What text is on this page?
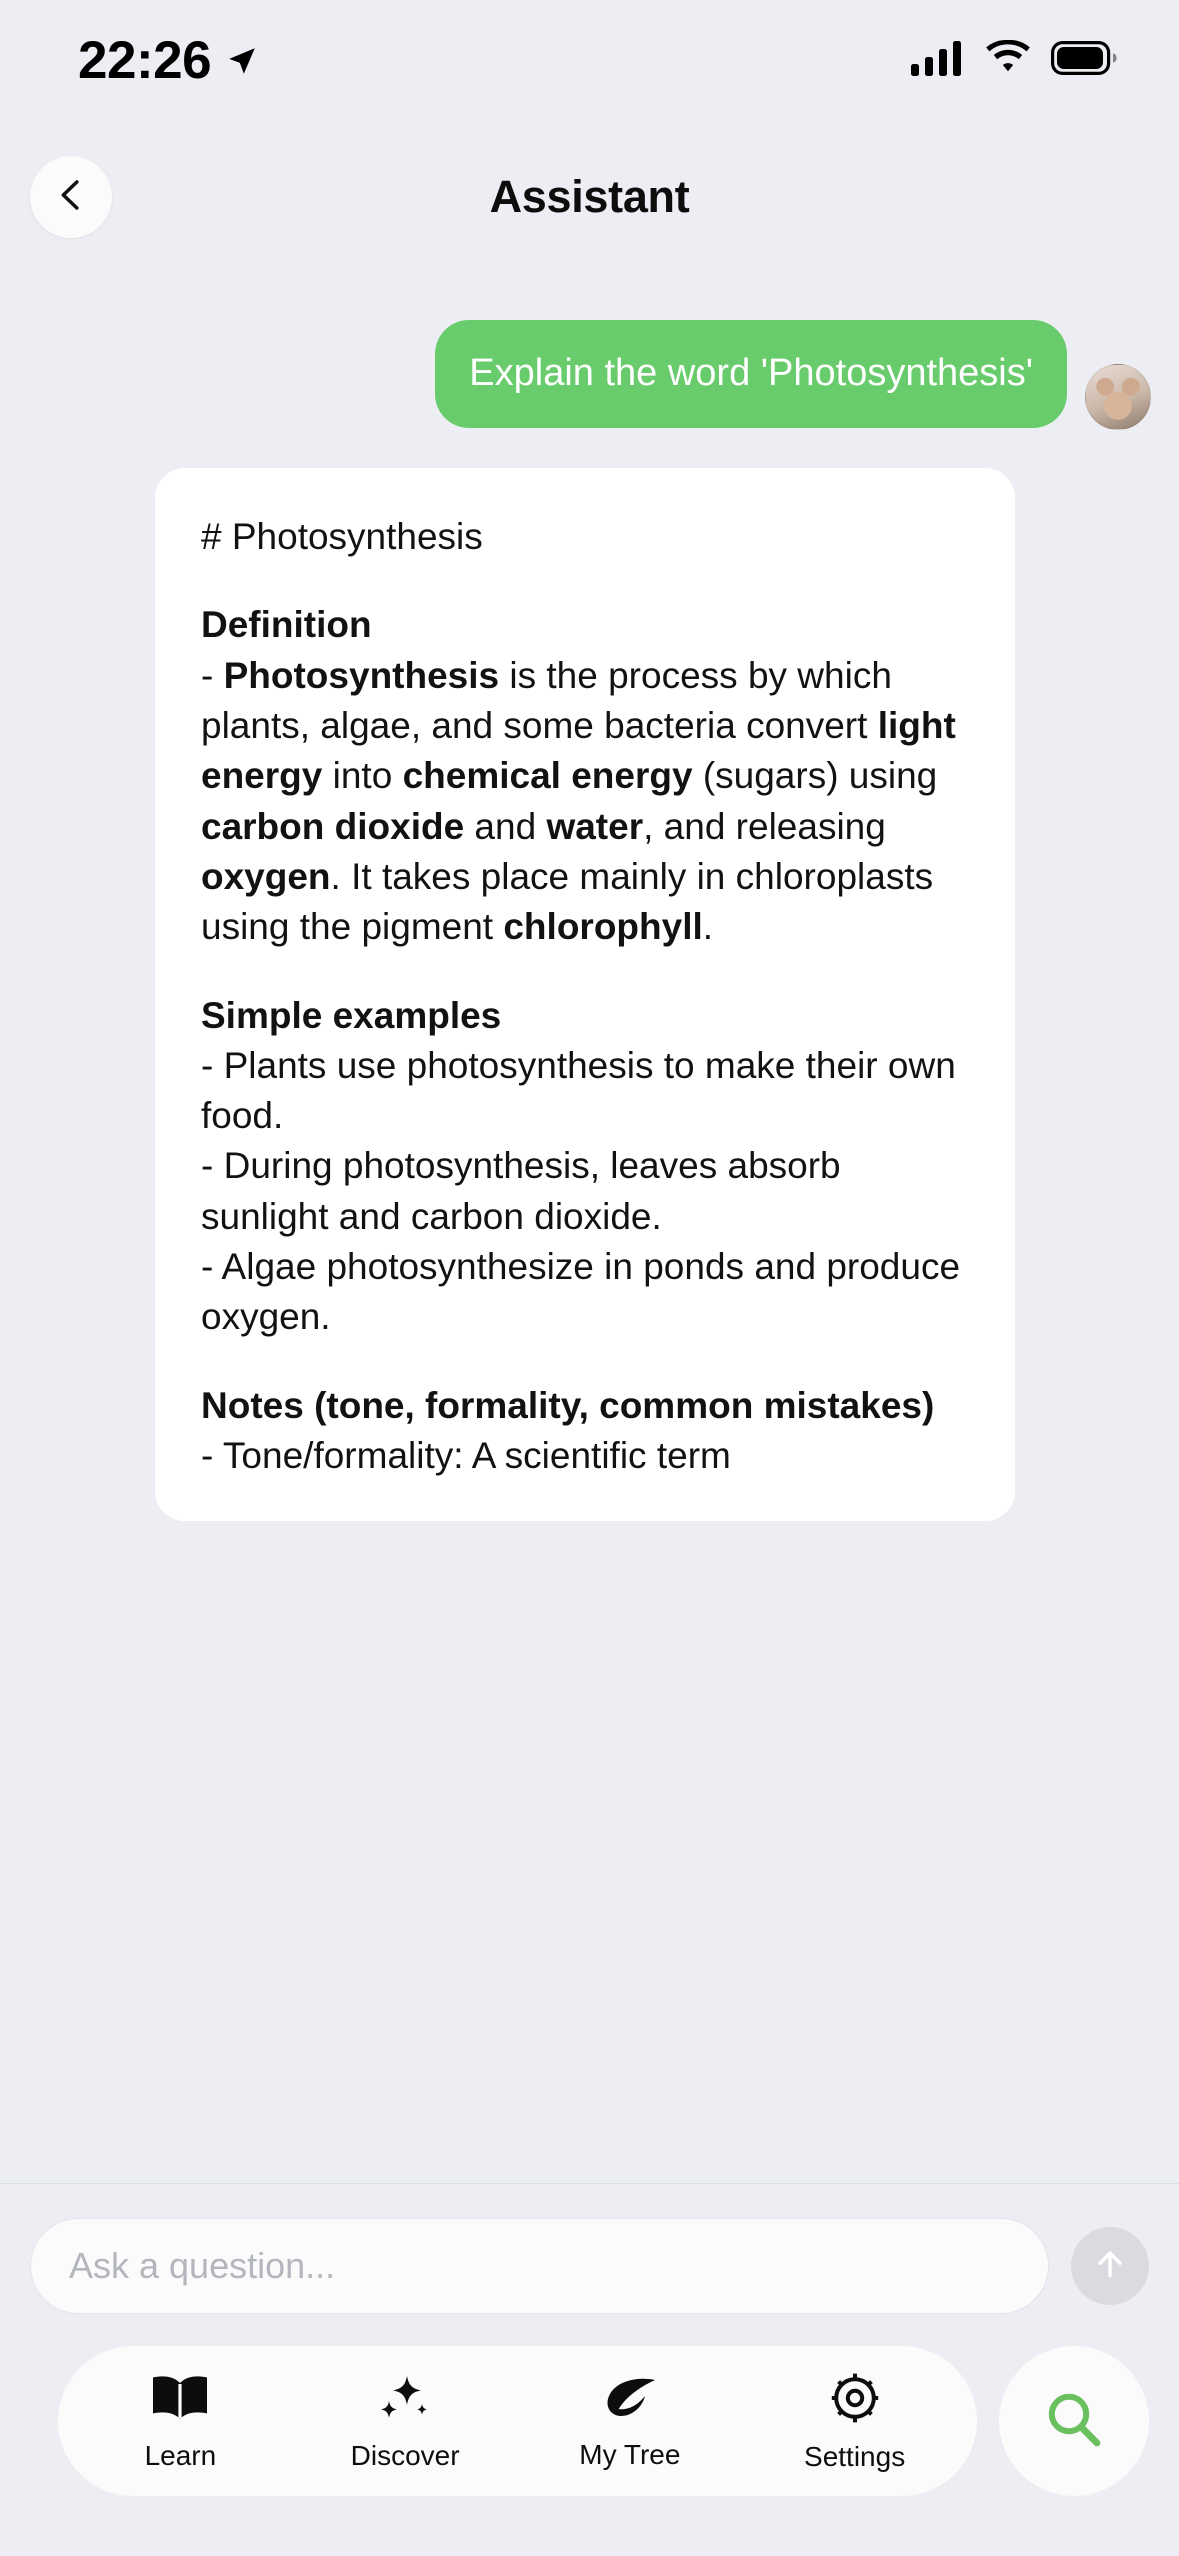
22:26
Assistant
Explain the word 'Photosynthesis'

# Photosynthesis

Definition

- Photosynthesis is the process by which plants, algae, and some bacteria convert light energy into chemical energy (sugars) using carbon dioxide and water, and releasing oxygen. It takes place mainly in chloroplasts using the pigment chlorophyll.

Simple examples

- Plants use photosynthesis to make their own food.

- During photosynthesis, leaves absorb sunlight and carbon dioxide.

- Algae photosynthesize in ponds and produce oxygen.

Notes (tone, formality, common mistakes)

- Tone/formality: A scientific term

Ask a question...
Learn	Discover	My Tree	Settings
